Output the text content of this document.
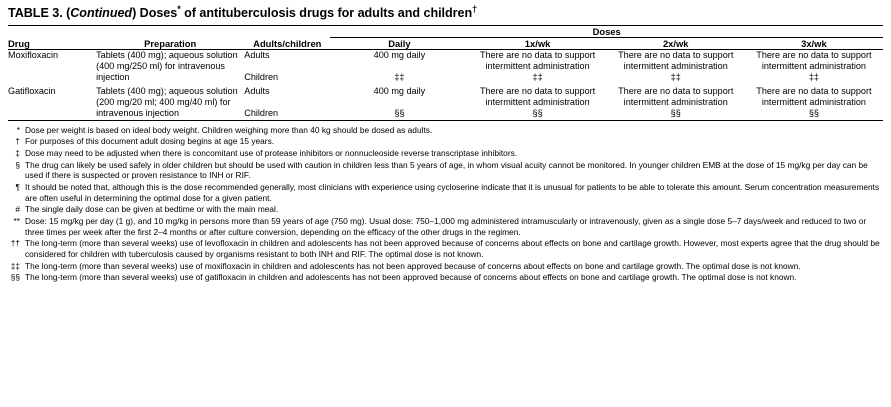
TABLE 3. (Continued) Doses* of antituberculosis drugs for adults and children†
			Doses			
Drug	Preparation	Adults/children	Daily	1x/wk	2x/wk	3x/wk
Moxifloxacin	Tablets (400 mg); aqueous solution (400 mg/250 ml) for intravenous injection	Adults	400 mg daily	There are no data to support intermittent administration	There are no data to support intermittent administration	There are no data to support intermittent administration
		Children	‡‡	‡‡	‡‡	‡‡

Gatifloxacin	Tablets (400 mg); aqueous solution (200 mg/20 ml; 400 mg/40 ml) for intravenous injection	Adults	400 mg daily	There are no data to support intermittent administration	There are no data to support intermittent administration	There are no data to support intermittent administration
		Children	§§	§§	§§	§§
* Dose per weight is based on ideal body weight. Children weighing more than 40 kg should be dosed as adults.
† For purposes of this document adult dosing begins at age 15 years.
‡ Dose may need to be adjusted when there is concomitant use of protease inhibitors or nonnucleoside reverse transcriptase inhibitors.
§ The drug can likely be used safely in older children but should be used with caution in children less than 5 years of age, in whom visual acuity cannot be monitored. In younger children EMB at the dose of 15 mg/kg per day can be used if there is suspected or proven resistance to INH or RIF.
¶ It should be noted that, although this is the dose recommended generally, most clinicians with experience using cycloserine indicate that it is unusual for patients to be able to tolerate this amount. Serum concentration measurements are often useful in determining the optimal dose for a given patient.
# The single daily dose can be given at bedtime or with the main meal.
** Dose: 15 mg/kg per day (1 g), and 10 mg/kg in persons more than 59 years of age (750 mg). Usual dose: 750–1,000 mg administered intramuscularly or intravenously, given as a single dose 5–7 days/week and reduced to two or three times per week after the first 2–4 months or after culture conversion, depending on the efficacy of the other drugs in the regimen.
†† The long-term (more than several weeks) use of levofloxacin in children and adolescents has not been approved because of concerns about effects on bone and cartilage growth. However, most experts agree that the drug should be considered for children with tuberculosis caused by organisms resistant to both INH and RIF. The optimal dose is not known.
‡‡ The long-term (more than several weeks) use of moxifloxacin in children and adolescents has not been approved because of concerns about effects on bone and cartilage growth. The optimal dose is not known.
§§ The long-term (more than several weeks) use of gatifloxacin in children and adolescents has not been approved because of concerns about effects on bone and cartilage growth. The optimal dose is not known.
